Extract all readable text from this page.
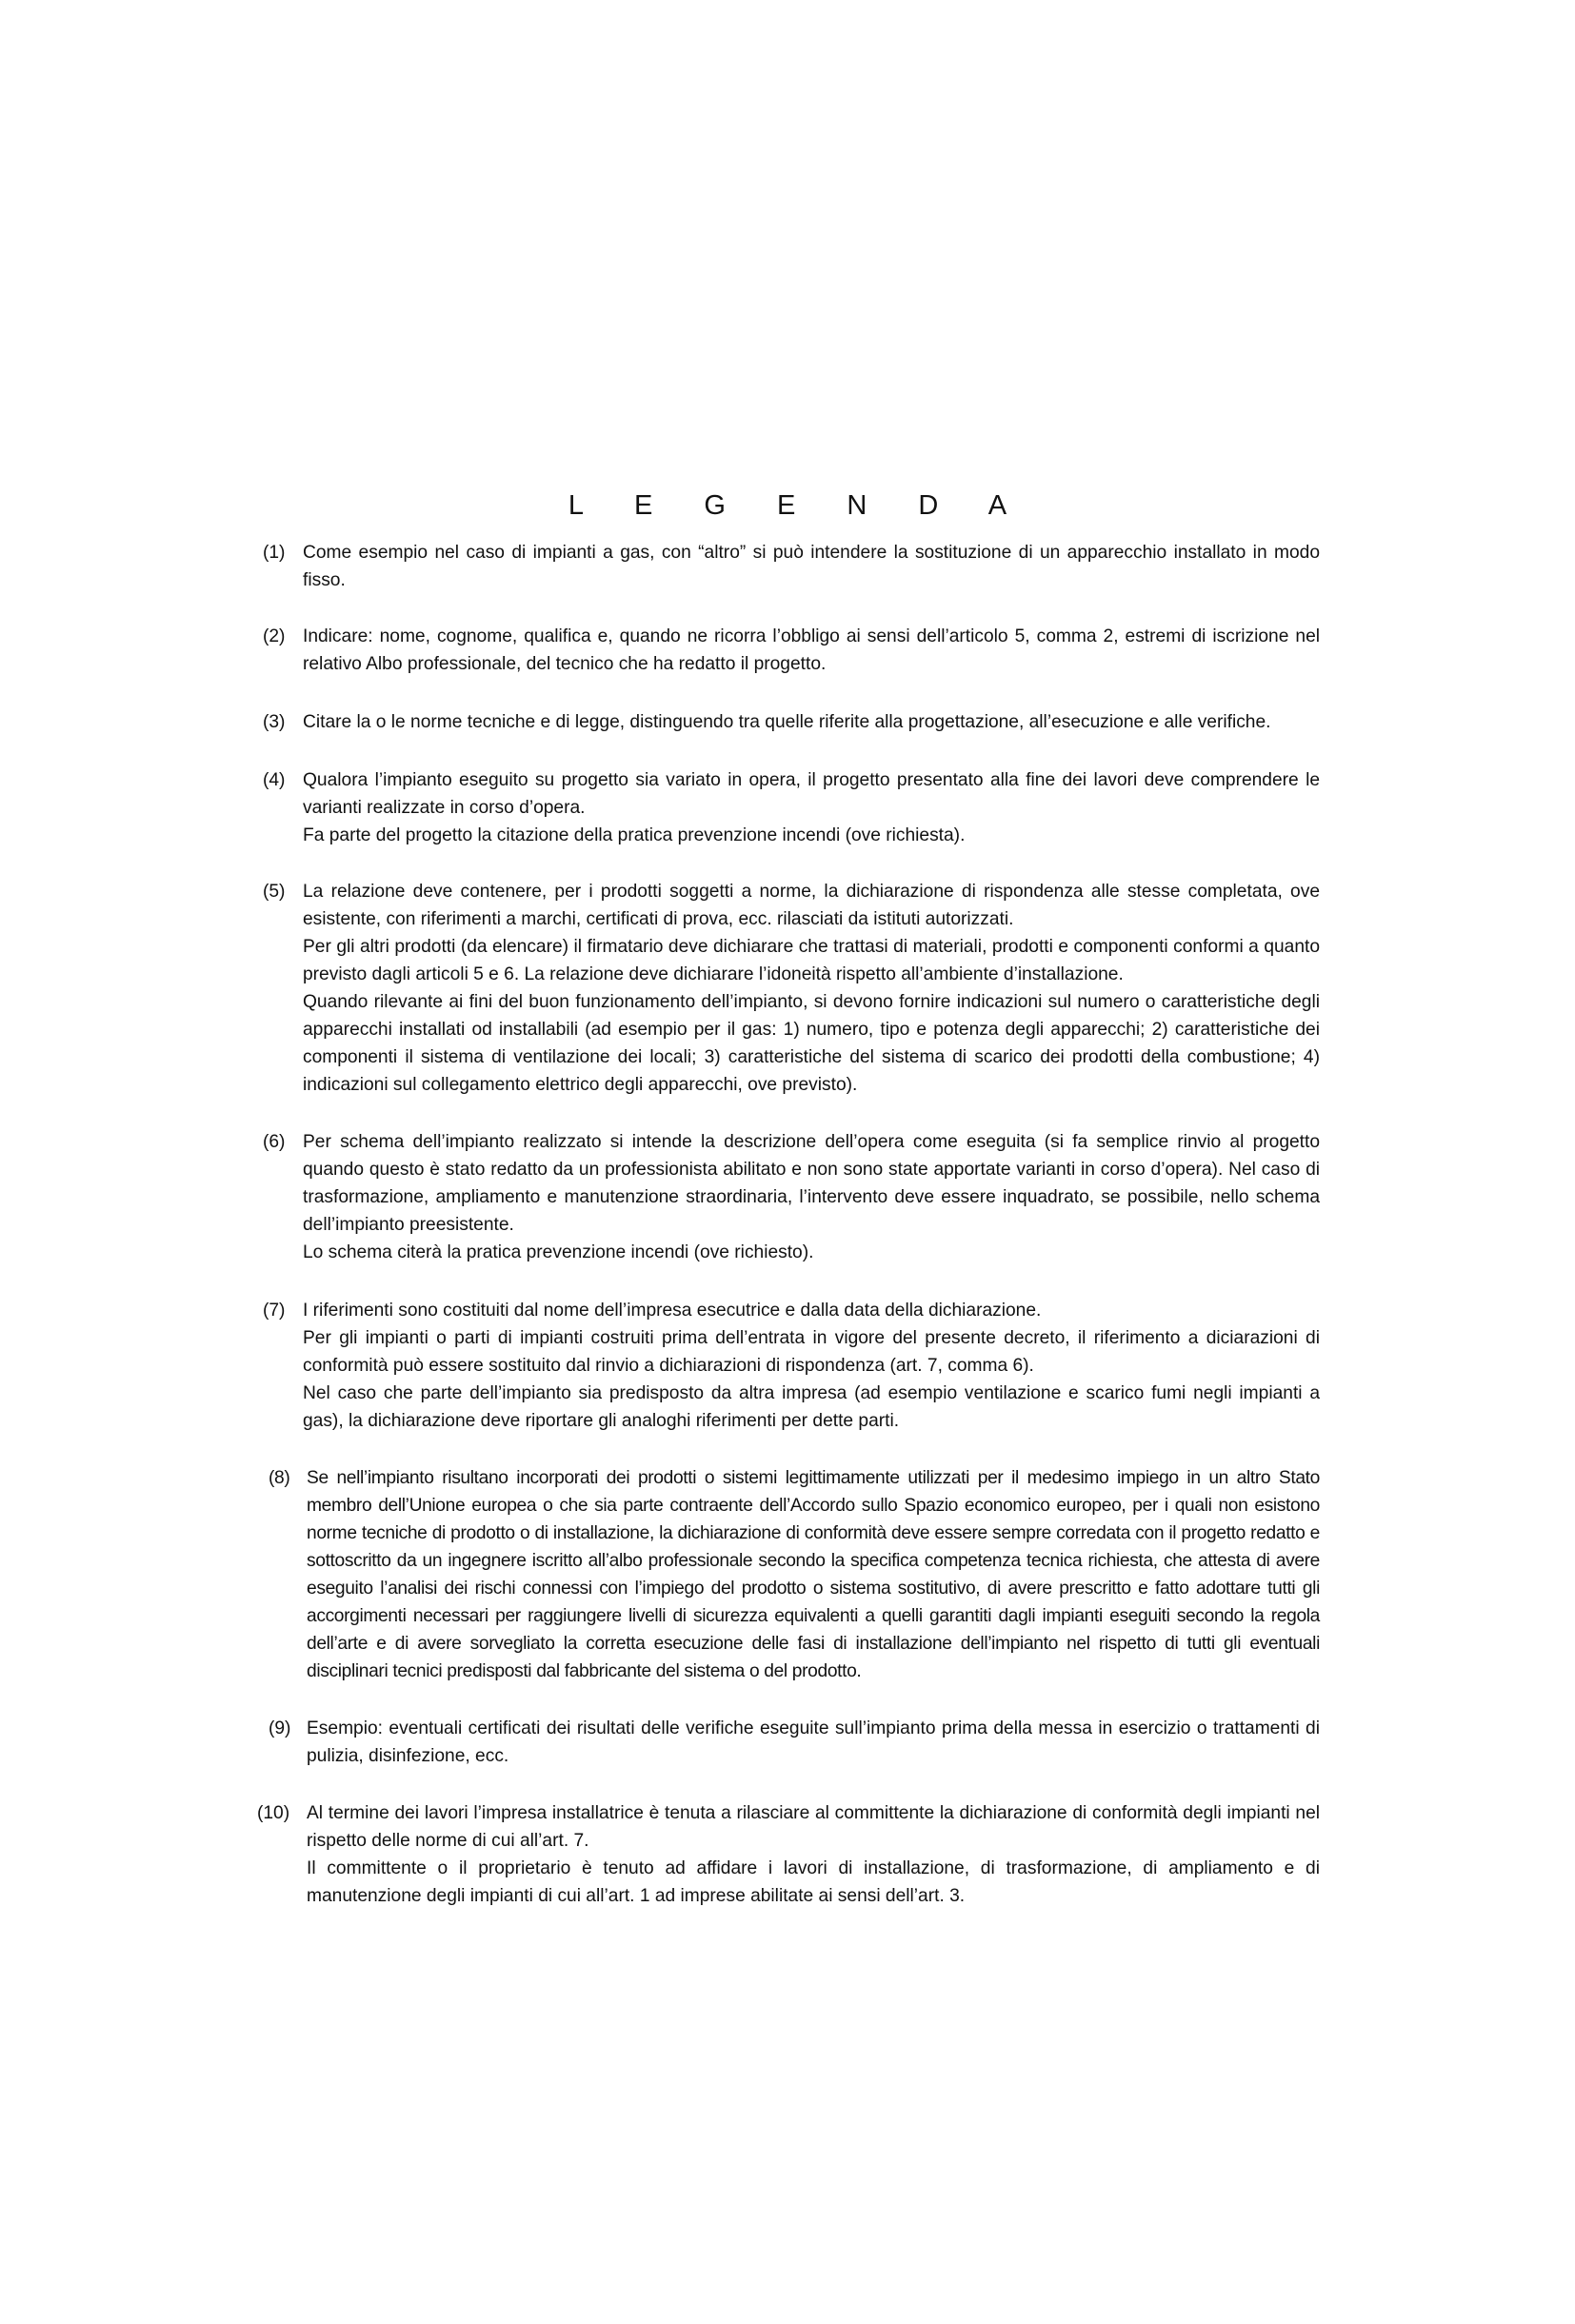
L E G E N D A
(1) Come esempio nel caso di impianti a gas, con “altro” si può intendere la sostituzione di un apparecchio installato in modo fisso.

(2) Indicare: nome, cognome, qualifica e, quando ne ricorra l’obbligo ai sensi dell’articolo 5, comma 2, estremi di iscrizione nel relativo Albo professionale, del tecnico che ha redatto il progetto.

(3) Citare la o le norme tecniche e di legge, distinguendo tra quelle riferite alla progettazione, all’esecuzione e alle verifiche.

(4) Qualora l’impianto eseguito su progetto sia variato in opera, il progetto presentato alla fine dei lavori deve comprendere le varianti realizzate in corso d’opera.

Fa parte del progetto la citazione della pratica prevenzione incendi (ove richiesta).

(5) La relazione deve contenere, per i prodotti soggetti a norme, la dichiarazione di rispondenza alle stesse completata, ove esistente, con riferimenti a marchi, certificati di prova, ecc. rilasciati da istituti autorizzati.

Per gli altri prodotti (da elencare) il firmatario deve dichiarare che trattasi di materiali, prodotti e componenti conformi a quanto previsto dagli articoli 5 e 6. La relazione deve dichiarare l’idoneità rispetto all’ambiente d’installazione.

Quando rilevante ai fini del buon funzionamento dell’impianto, si devono fornire indicazioni sul numero o caratteristiche degli apparecchi installati od installabili (ad esempio per il gas: 1) numero, tipo e potenza degli apparecchi; 2) caratteristiche dei componenti il sistema di ventilazione dei locali; 3) caratteristiche del sistema di scarico dei prodotti della combustione; 4) indicazioni sul collegamento elettrico degli apparecchi, ove previsto).

(6) Per schema dell’impianto realizzato si intende la descrizione dell’opera come eseguita (si fa semplice rinvio al progetto quando questo è stato redatto da un professionista abilitato e non sono state apportate varianti in corso d’opera). Nel caso di trasformazione, ampliamento e manutenzione straordinaria, l’intervento deve essere inquadrato, se possibile, nello schema dell’impianto preesistente.

Lo schema citerà la pratica prevenzione incendi (ove richiesto).

(7) I riferimenti sono costituiti dal nome dell’impresa esecutrice e dalla data della dichiarazione.

Per gli impianti o parti di impianti costruiti prima dell’entrata in vigore del presente decreto, il riferimento a diciarazioni di conformità può essere sostituito dal rinvio a dichiarazioni di rispondenza (art. 7, comma 6).

Nel caso che parte dell’impianto sia predisposto da altra impresa (ad esempio ventilazione e scarico fumi negli impianti a gas), la dichiarazione deve riportare gli analoghi riferimenti per dette parti.

(8) Se nell’impianto risultano incorporati dei prodotti o sistemi legittimamente utilizzati per il medesimo impiego in un altro Stato membro dell’Unione europea o che sia parte contraente dell’Accordo sullo Spazio economico europeo, per i quali non esistono norme tecniche di prodotto o di installazione, la dichiarazione di conformità deve essere sempre corredata con il progetto redatto e sottoscritto da un ingegnere iscritto all’albo professionale secondo la specifica competenza tecnica richiesta, che attesta di avere eseguito l’analisi dei rischi connessi con l’impiego del prodotto o sistema sostitutivo, di avere prescritto e fatto adottare tutti gli accorgimenti necessari per raggiungere livelli di sicurezza equivalenti a quelli garantiti dagli impianti eseguiti secondo la regola dell’arte e di avere sorvegliato la corretta esecuzione delle fasi di installazione dell’impianto nel rispetto di tutti gli eventuali disciplinari tecnici predisposti dal fabbricante del sistema o del prodotto.

(9) Esempio: eventuali certificati dei risultati delle verifiche eseguite sull’impianto prima della messa in esercizio o trattamenti di pulizia, disinfezione, ecc.

(10) Al termine dei lavori l’impresa installatrice è tenuta a rilasciare al committente la dichiarazione di conformità degli impianti nel rispetto delle norme di cui all’art. 7.

Il committente o il proprietario è tenuto ad affidare i lavori di installazione, di trasformazione, di ampliamento e di manutenzione degli impianti di cui all’art. 1 ad imprese abilitate ai sensi dell’art. 3.
